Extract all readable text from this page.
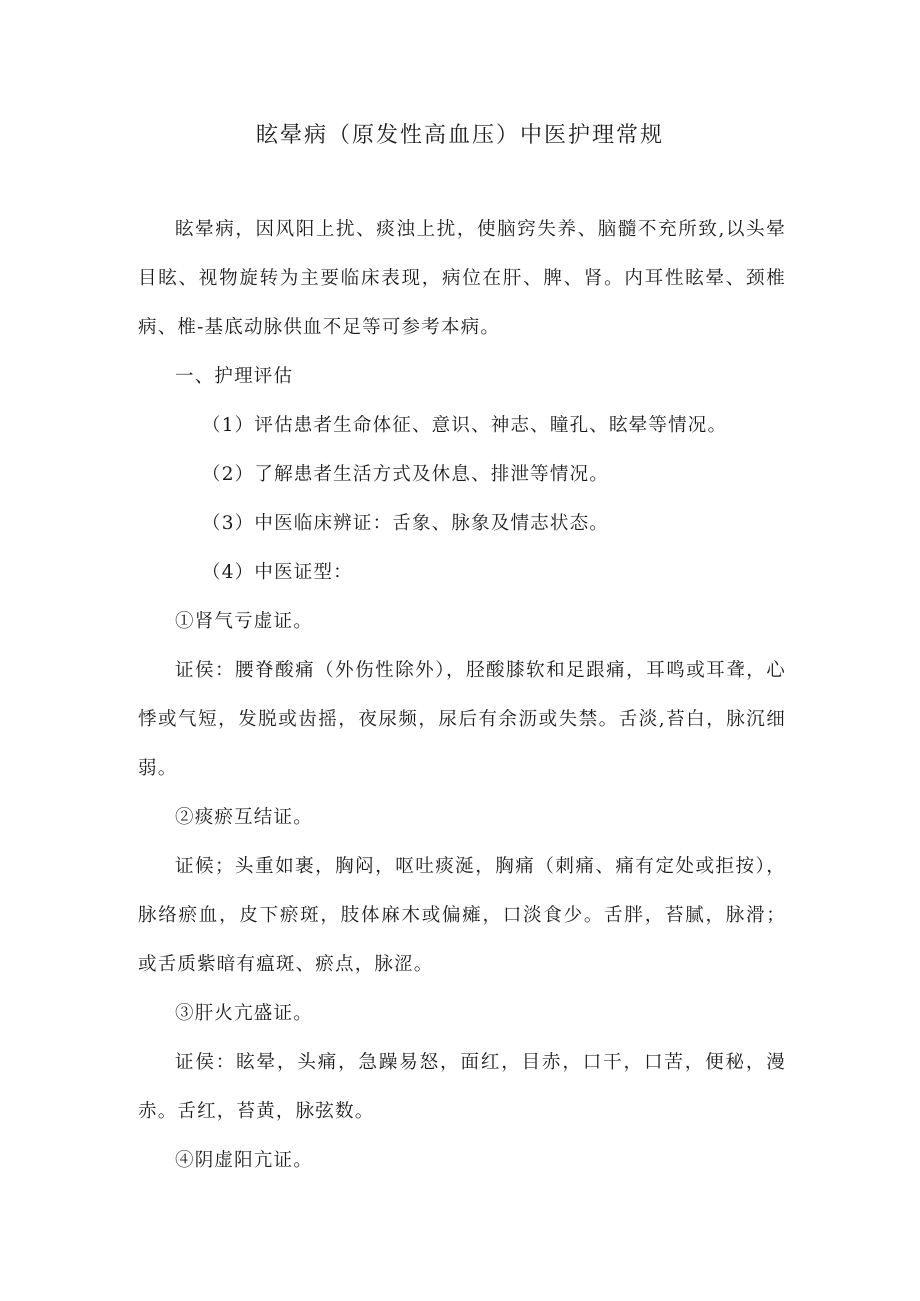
眩晕病（原发性高血压）中医护理常规

眩晕病，因风阳上扰、痰浊上扰，使脑窍失养、脑髓不充所致,以头晕目眩、视物旋转为主要临床表现，病位在肝、脾、肾。内耳性眩晕、颈椎病、椎-基底动脉供血不足等可参考本病。

一、护理评估

（1）评估患者生命体征、意识、神志、瞳孔、眩晕等情况。

（2）了解患者生活方式及休息、排泄等情况。

（3）中医临床辨证：舌象、脉象及情志状态。

（4）中医证型：

①肾气亏虚证。

证侯：腰脊酸痛（外伤性除外），胫酸膝软和足跟痛，耳鸣或耳聋，心悸或气短，发脱或齿摇，夜尿频，尿后有余沥或失禁。舌淡,苔白，脉沉细弱。

②痰瘀互结证。

证候；头重如裹，胸闷，呕吐痰涎，胸痛（刺痛、痛有定处或拒按），脉络瘀血，皮下瘀斑，肢体麻木或偏瘫，口淡食少。舌胖，苔腻，脉滑；或舌质紫暗有瘟斑、瘀点，脉涩。

③肝火亢盛证。

证侯：眩晕，头痛，急躁易怒，面红，目赤，口干，口苦，便秘，漫赤。舌红，苔黄，脉弦数。

④阴虚阳亢证。
